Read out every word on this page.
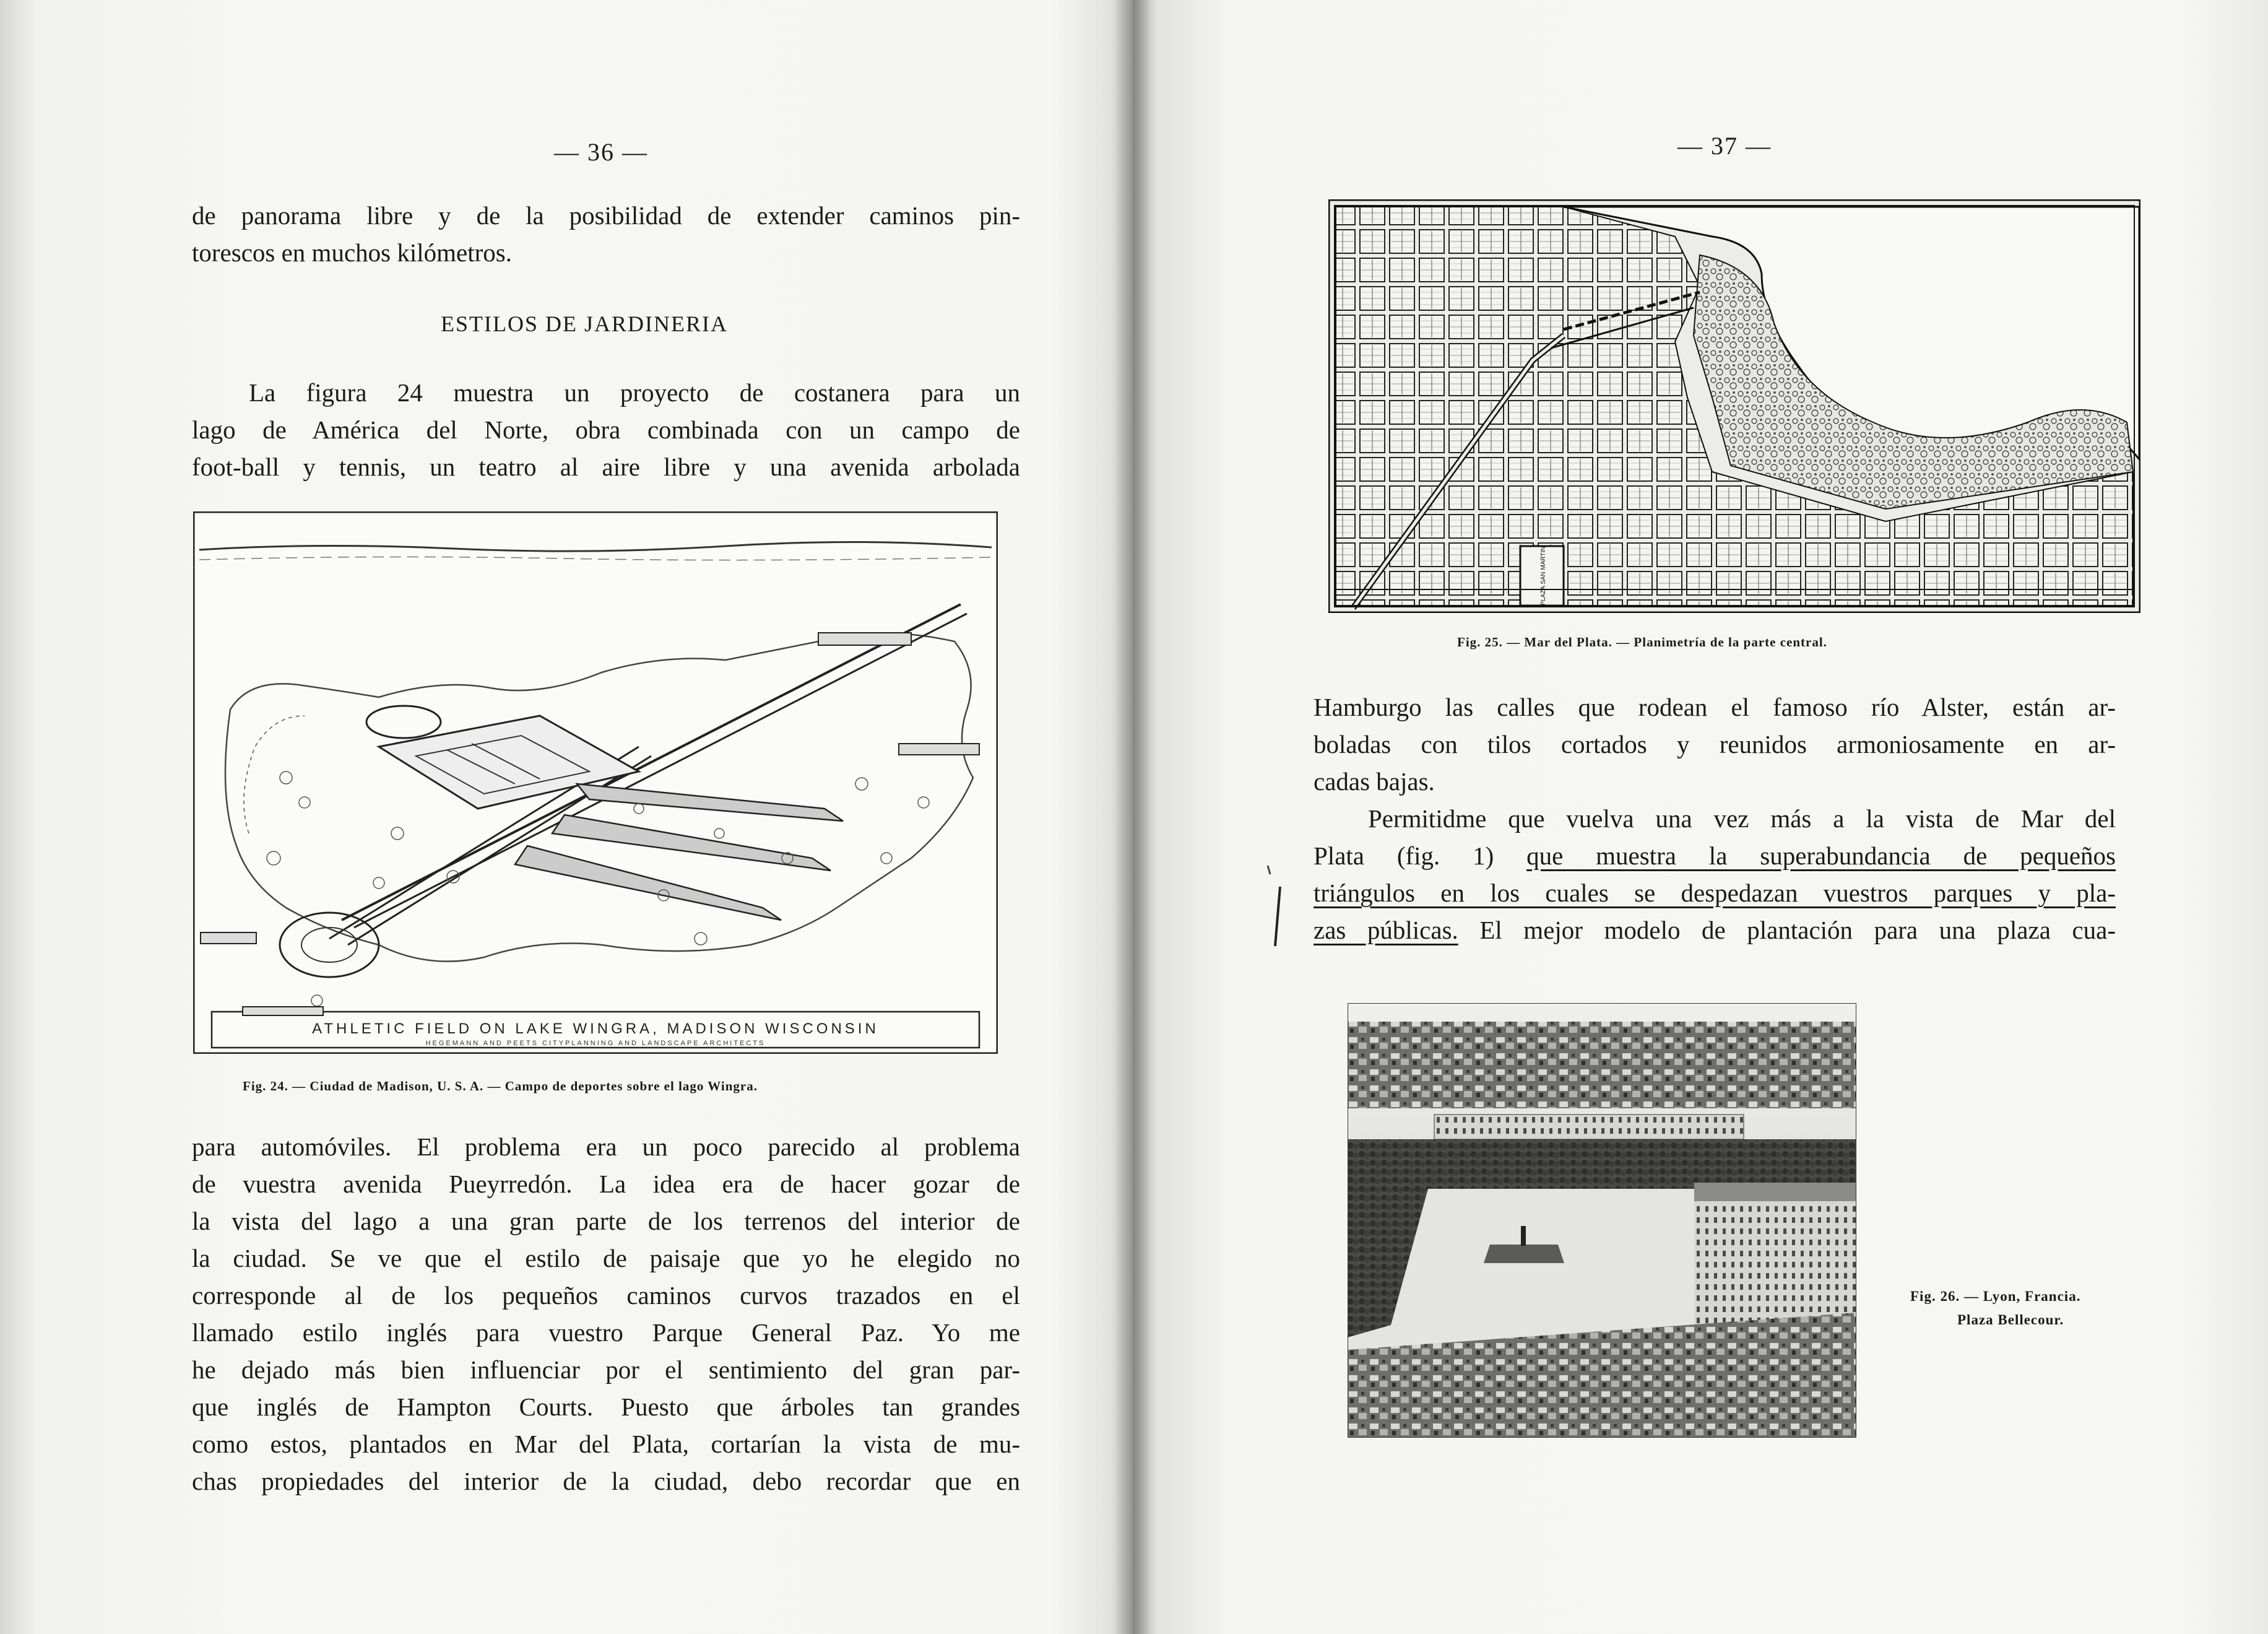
— 36 —
de panorama libre y de la posibilidad de extender caminos pin-
torescos en muchos kilómetros.
ESTILOS DE JARDINERIA
La figura 24 muestra un proyecto de costanera para un
lago de América del Norte, obra combinada con un campo de
foot-ball y tennis, un teatro al aire libre y una avenida arbolada
ATHLETIC FIELD ON LAKE WINGRA, MADISON WISCONSIN
HEGEMANN AND PEETS CITYPLANNING AND LANDSCAPE ARCHITECTS
Fig. 24. — Ciudad de Madison, U. S. A. — Campo de deportes sobre el lago Wingra.
para automóviles. El problema era un poco parecido al problema
de vuestra avenida Pueyrredón. La idea era de hacer gozar de
la vista del lago a una gran parte de los terrenos del interior de
la ciudad. Se ve que el estilo de paisaje que yo he elegido no
corresponde al de los pequeños caminos curvos trazados en el
llamado estilo inglés para vuestro Parque General Paz. Yo me
he dejado más bien influenciar por el sentimiento del gran par-
que inglés de Hampton Courts. Puesto que árboles tan grandes
como estos, plantados en Mar del Plata, cortarían la vista de mu-
chas propiedades del interior de la ciudad, debo recordar que en
— 37 —
PLAZA SAN MARTIN
Fig. 25. — Mar del Plata. — Planimetría de la parte central.
Hamburgo las calles que rodean el famoso río Alster, están ar-
boladas con tilos cortados y reunidos armoniosamente en ar-
cadas bajas.
Permitidme que vuelva una vez más a la vista de Mar del
Plata (fig. 1) que muestra la superabundancia de pequeños
triángulos en los cuales se despedazan vuestros parques y pla-
zas públicas. El mejor modelo de plantación para una plaza cua-
Fig. 26. — Lyon, Francia.
Plaza Bellecour.
